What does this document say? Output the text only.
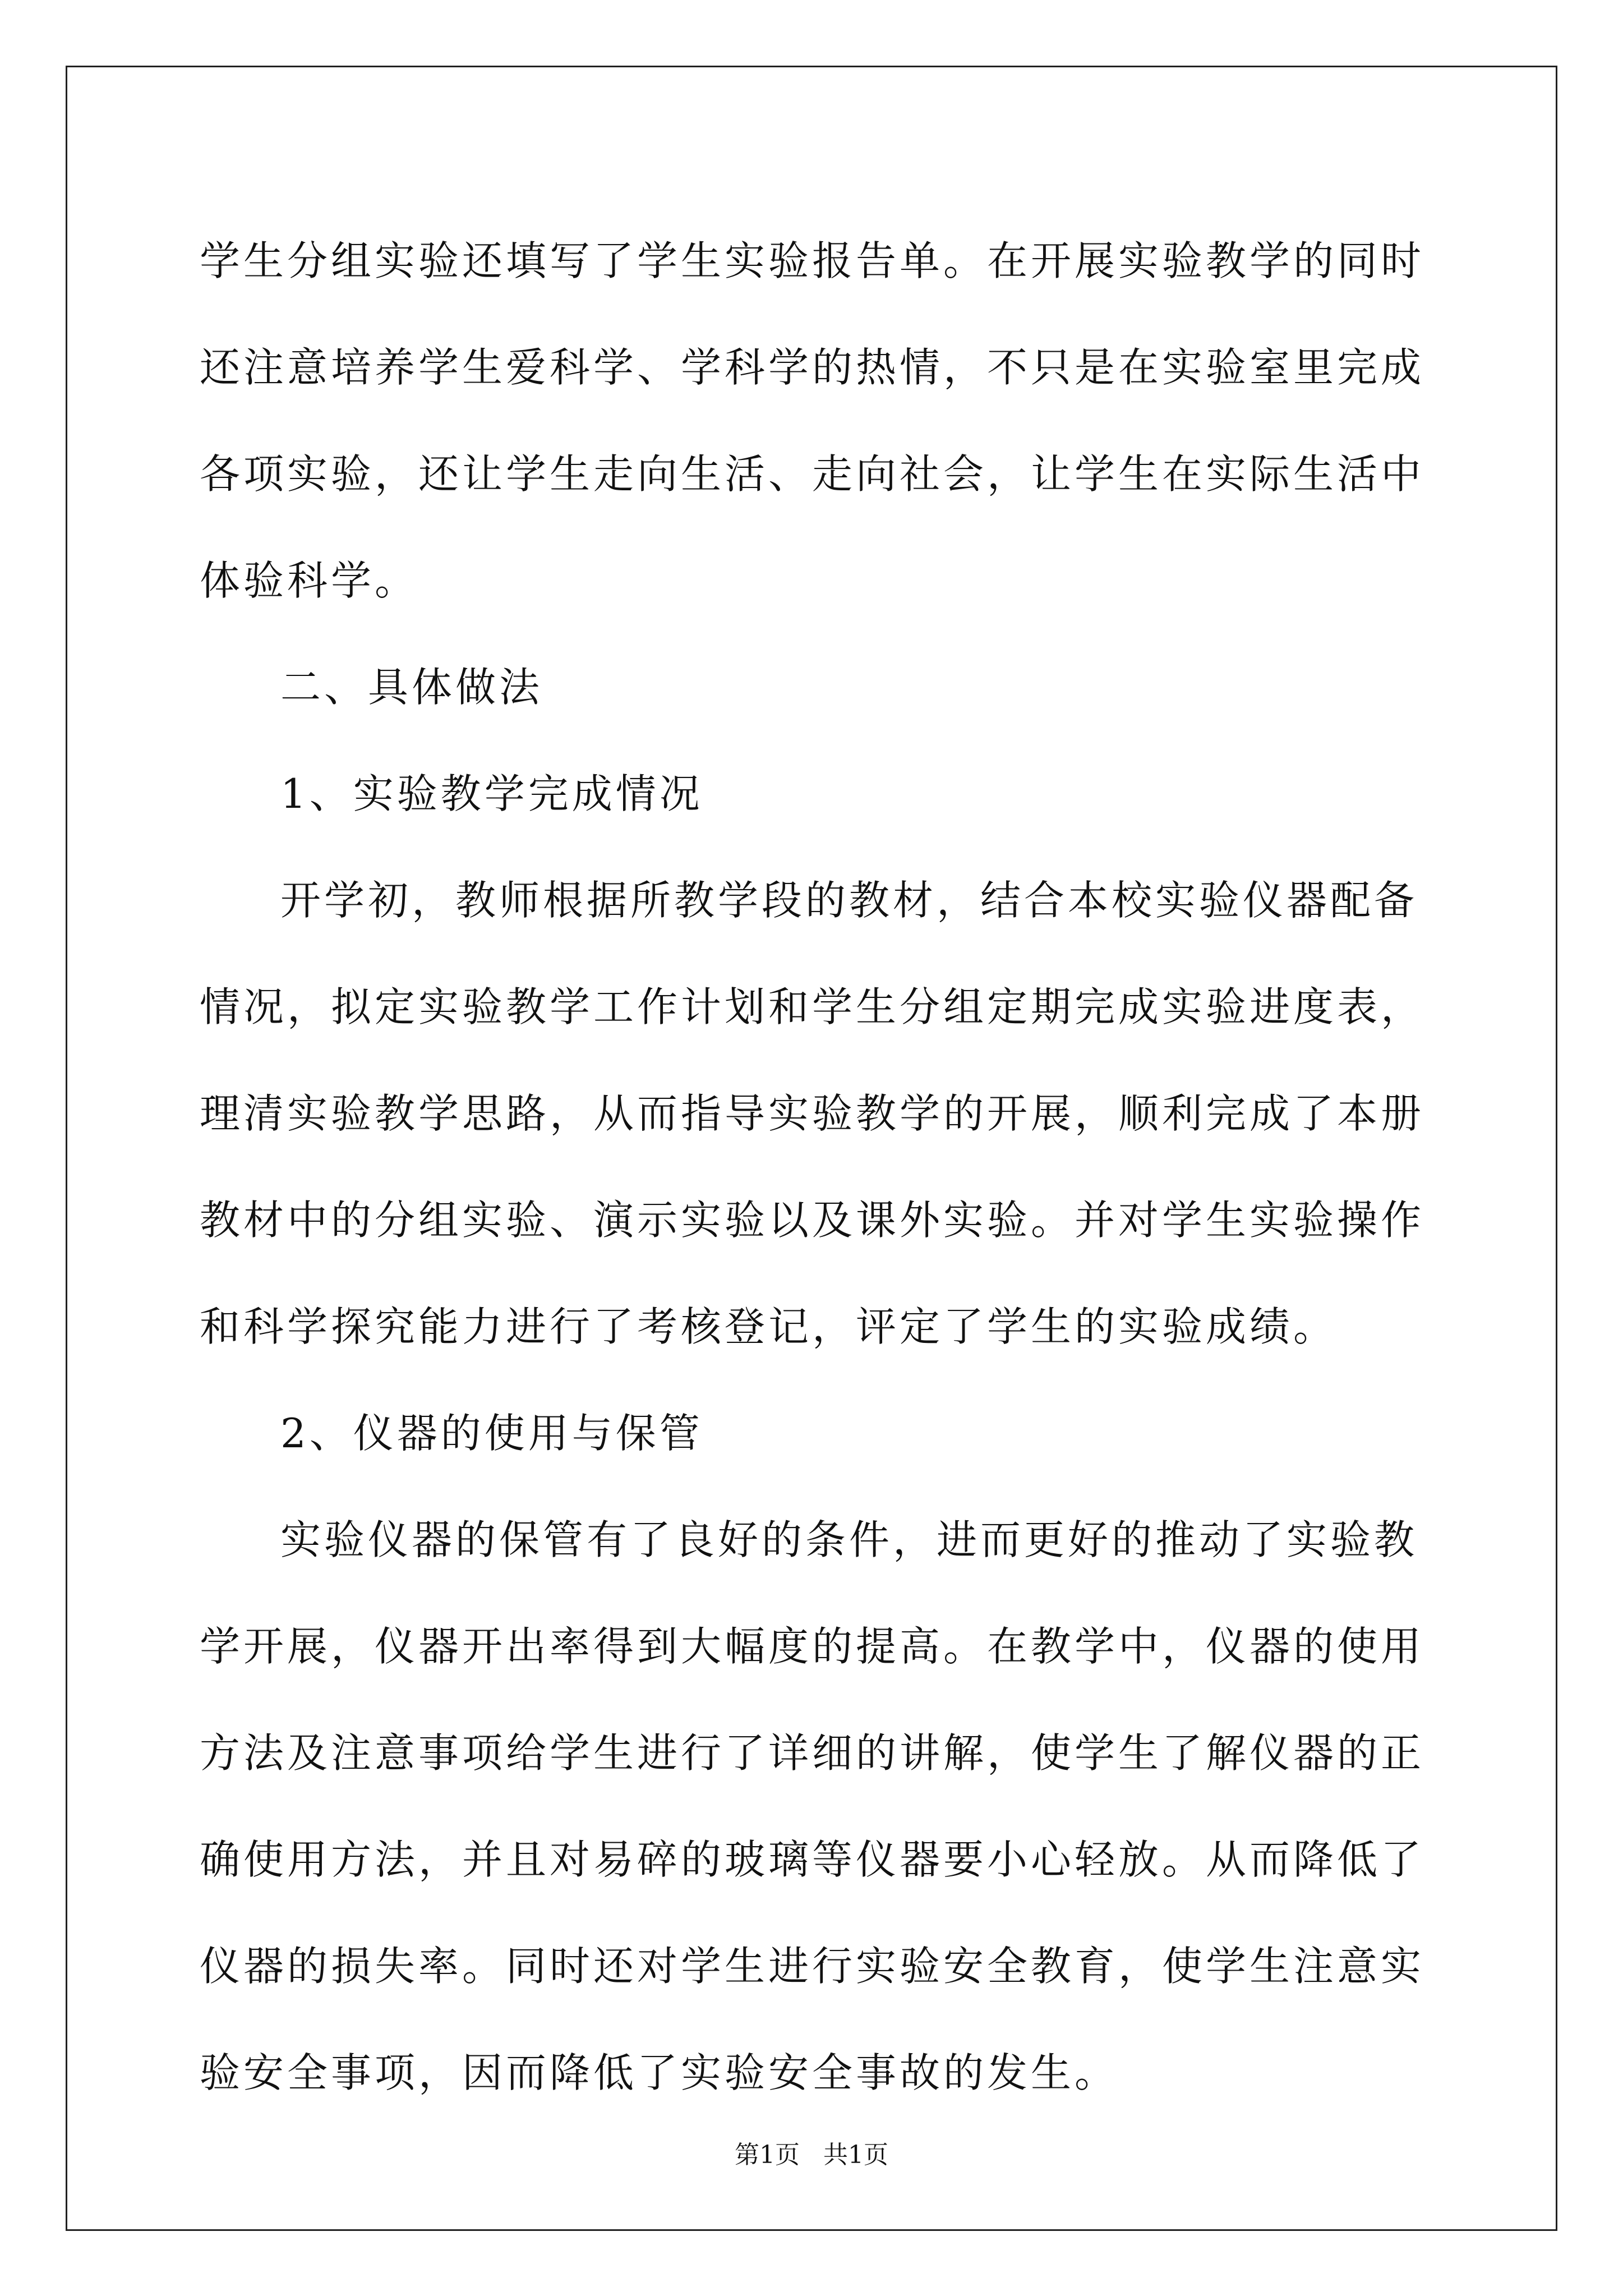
学生分组实验还填写了学生实验报告单。在开展实验教学的同时还注意培养学生爱科学、学科学的热情，不只是在实验室里完成各项实验，还让学生走向生活、走向社会，让学生在实际生活中体验科学。

二、具体做法

1、实验教学完成情况

开学初，教师根据所教学段的教材，结合本校实验仪器配备情况，拟定实验教学工作计划和学生分组定期完成实验进度表，理清实验教学思路，从而指导实验教学的开展，顺利完成了本册教材中的分组实验、演示实验以及课外实验。并对学生实验操作和科学探究能力进行了考核登记，评定了学生的实验成绩。

2、仪器的使用与保管

实验仪器的保管有了良好的条件，进而更好的推动了实验教学开展，仪器开出率得到大幅度的提高。在教学中，仪器的使用方法及注意事项给学生进行了详细的讲解，使学生了解仪器的正确使用方法，并且对易碎的玻璃等仪器要小心轻放。从而降低了仪器的损失率。同时还对学生进行实验安全教育，使学生注意实验安全事项，因而降低了实验安全事故的发生。

第1页 共1页
